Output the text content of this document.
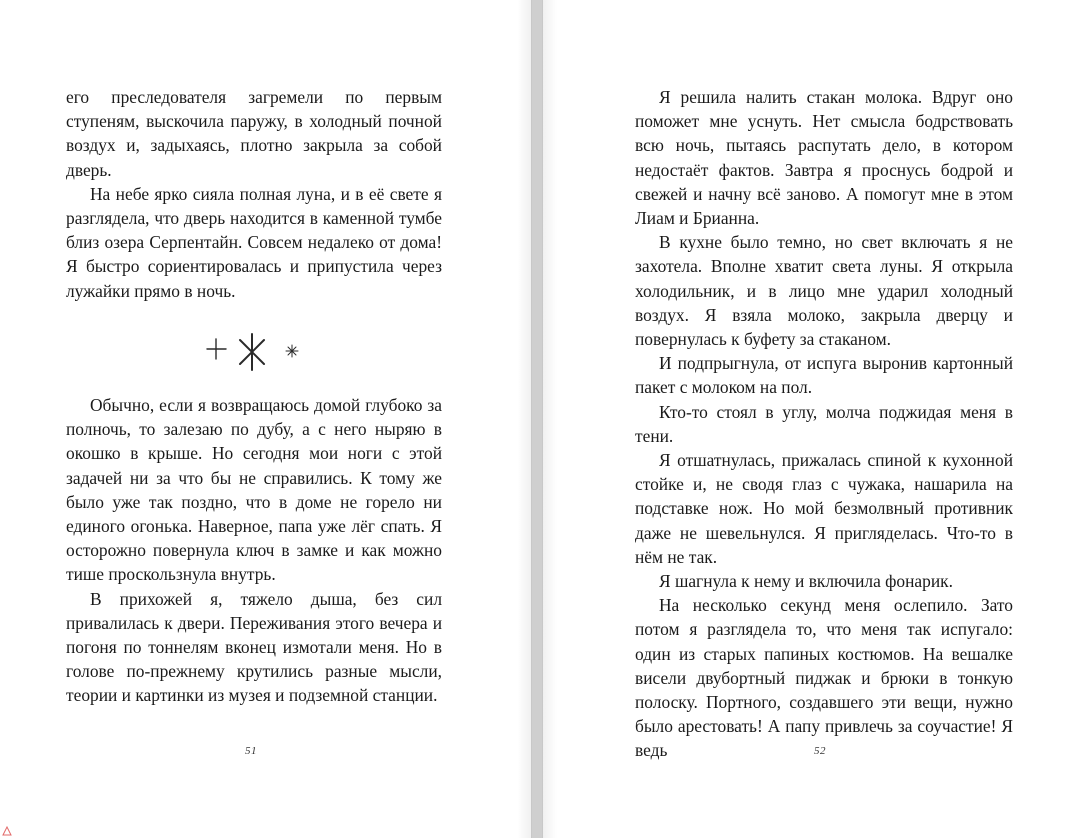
его преследователя загремели по первым ступеням, выскочила паружу, в холодный почной воздух и, задыхаясь, плотно закрыла за собой дверь.

На небе ярко сияла полная луна, и в её свете я разглядела, что дверь находится в каменной тумбе близ озера Серпентайн. Совсем недалеко от дома! Я быстро сориентировалась и припустила через лужайки прямо в ночь.

Обычно, если я возвращаюсь домой глубоко за полночь, то залезаю по дубу, а с него ныряю в окошко в крыше. Но сегодня мои ноги с этой задачей ни за что бы не справились. К тому же было уже так поздно, что в доме не горело ни единого огонька. Наверное, папа уже лёг спать. Я осторожно повернула ключ в замке и как можно тише проскользнула внутрь.

В прихожей я, тяжело дыша, без сил привалилась к двери. Переживания этого вечера и погоня по тоннелям вконец измотали меня. Но в голове по-прежнему крутились разные мысли, теории и картинки из музея и подземной станции.

51

Я решила налить стакан молока. Вдруг оно поможет мне уснуть. Нет смысла бодрствовать всю ночь, пытаясь распутать дело, в котором недостаёт фактов. Завтра я проснусь бодрой и свежей и начну всё заново. А помогут мне в этом Лиам и Брианна.

В кухне было темно, но свет включать я не захотела. Вполне хватит света луны. Я открыла холодильник, и в лицо мне ударил холодный воздух. Я взяла молоко, закрыла дверцу и повернулась к буфету за стаканом.

И подпрыгнула, от испуга выронив картонный пакет с молоком на пол.

Кто-то стоял в углу, молча поджидая меня в тени.

Я отшатнулась, прижалась спиной к кухонной стойке и, не сводя глаз с чужака, нашарила на подставке нож. Но мой безмолвный противник даже не шевельнулся. Я пригляделась. Что-то в нём не так.

Я шагнула к нему и включила фонарик.

На несколько секунд меня ослепило. Зато потом я разглядела то, что меня так испугало: один из старых папиных костюмов. На вешалке висели двубортный пиджак и брюки в тонкую полоску. Портного, создавшего эти вещи, нужно было арестовать! А папу привлечь за соучастие! Я ведь	52
